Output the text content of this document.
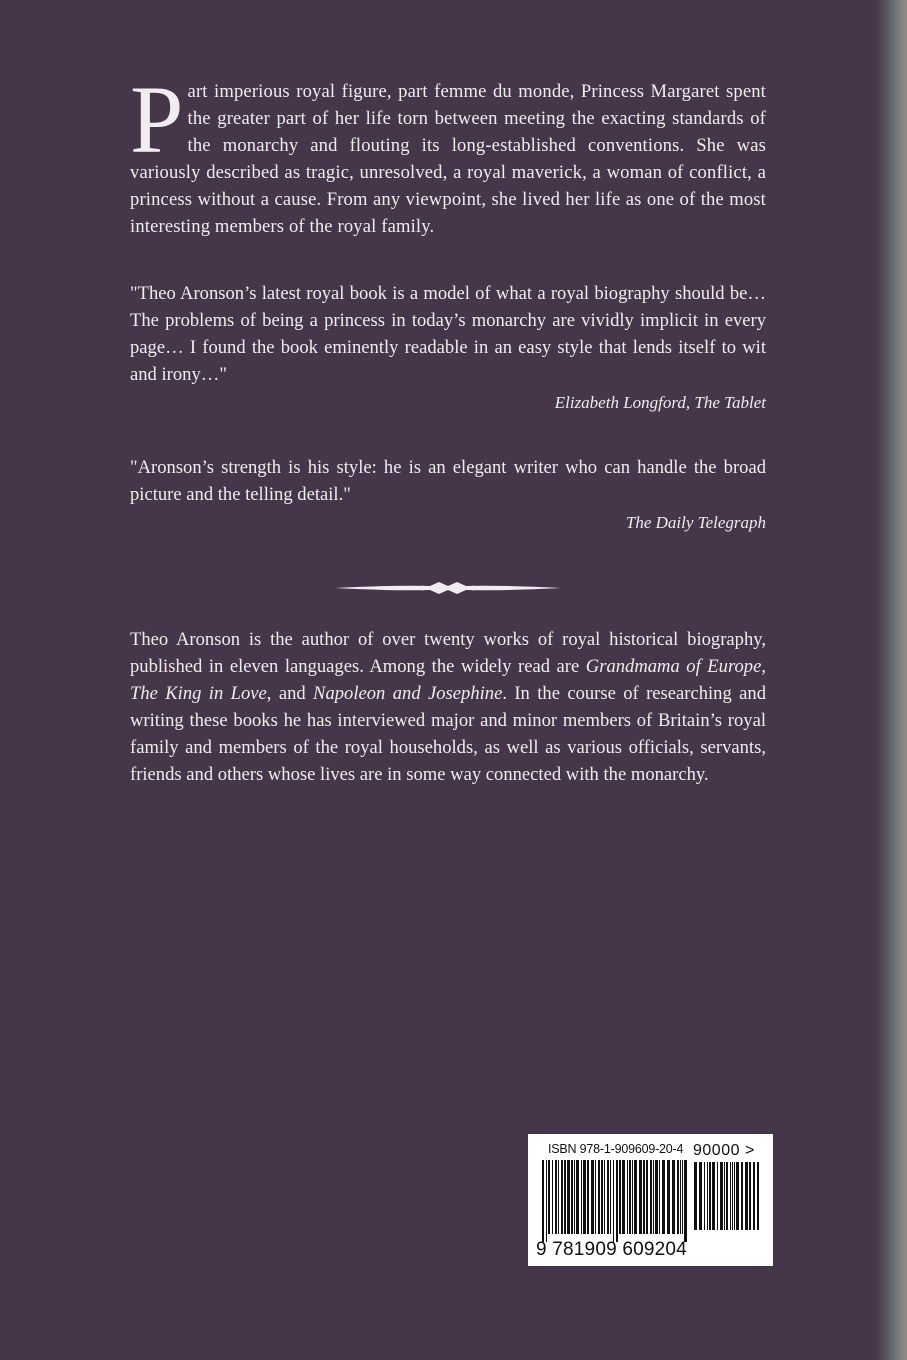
Part imperious royal figure, part femme du monde, Princess Margaret spent the greater part of her life torn between meeting the exacting standards of the monarchy and flouting its long-established conventions. She was variously described as tragic, unresolved, a royal maverick, a woman of conflict, a princess without a cause. From any viewpoint, she lived her life as one of the most interesting members of the royal family.

"Theo Aronson’s latest royal book is a model of what a royal biography should be… The problems of being a princess in today’s monarchy are vividly implicit in every page… I found the book eminently readable in an easy style that lends itself to wit and irony…"

Elizabeth Longford, The Tablet

"Aronson’s strength is his style: he is an elegant writer who can handle the broad picture and the telling detail."

The Daily Telegraph

Theo Aronson is the author of over twenty works of royal historical biography, published in eleven languages. Among the widely read are Grandmama of Europe, The King in Love, and Napoleon and Josephine. In the course of researching and writing these books he has interviewed major and minor members of Britain’s royal family and members of the royal households, as well as various officials, servants, friends and others whose lives are in some way connected with the monarchy.

ISBN 978-1-909609-20-4 90000 >
9 781909 609204
